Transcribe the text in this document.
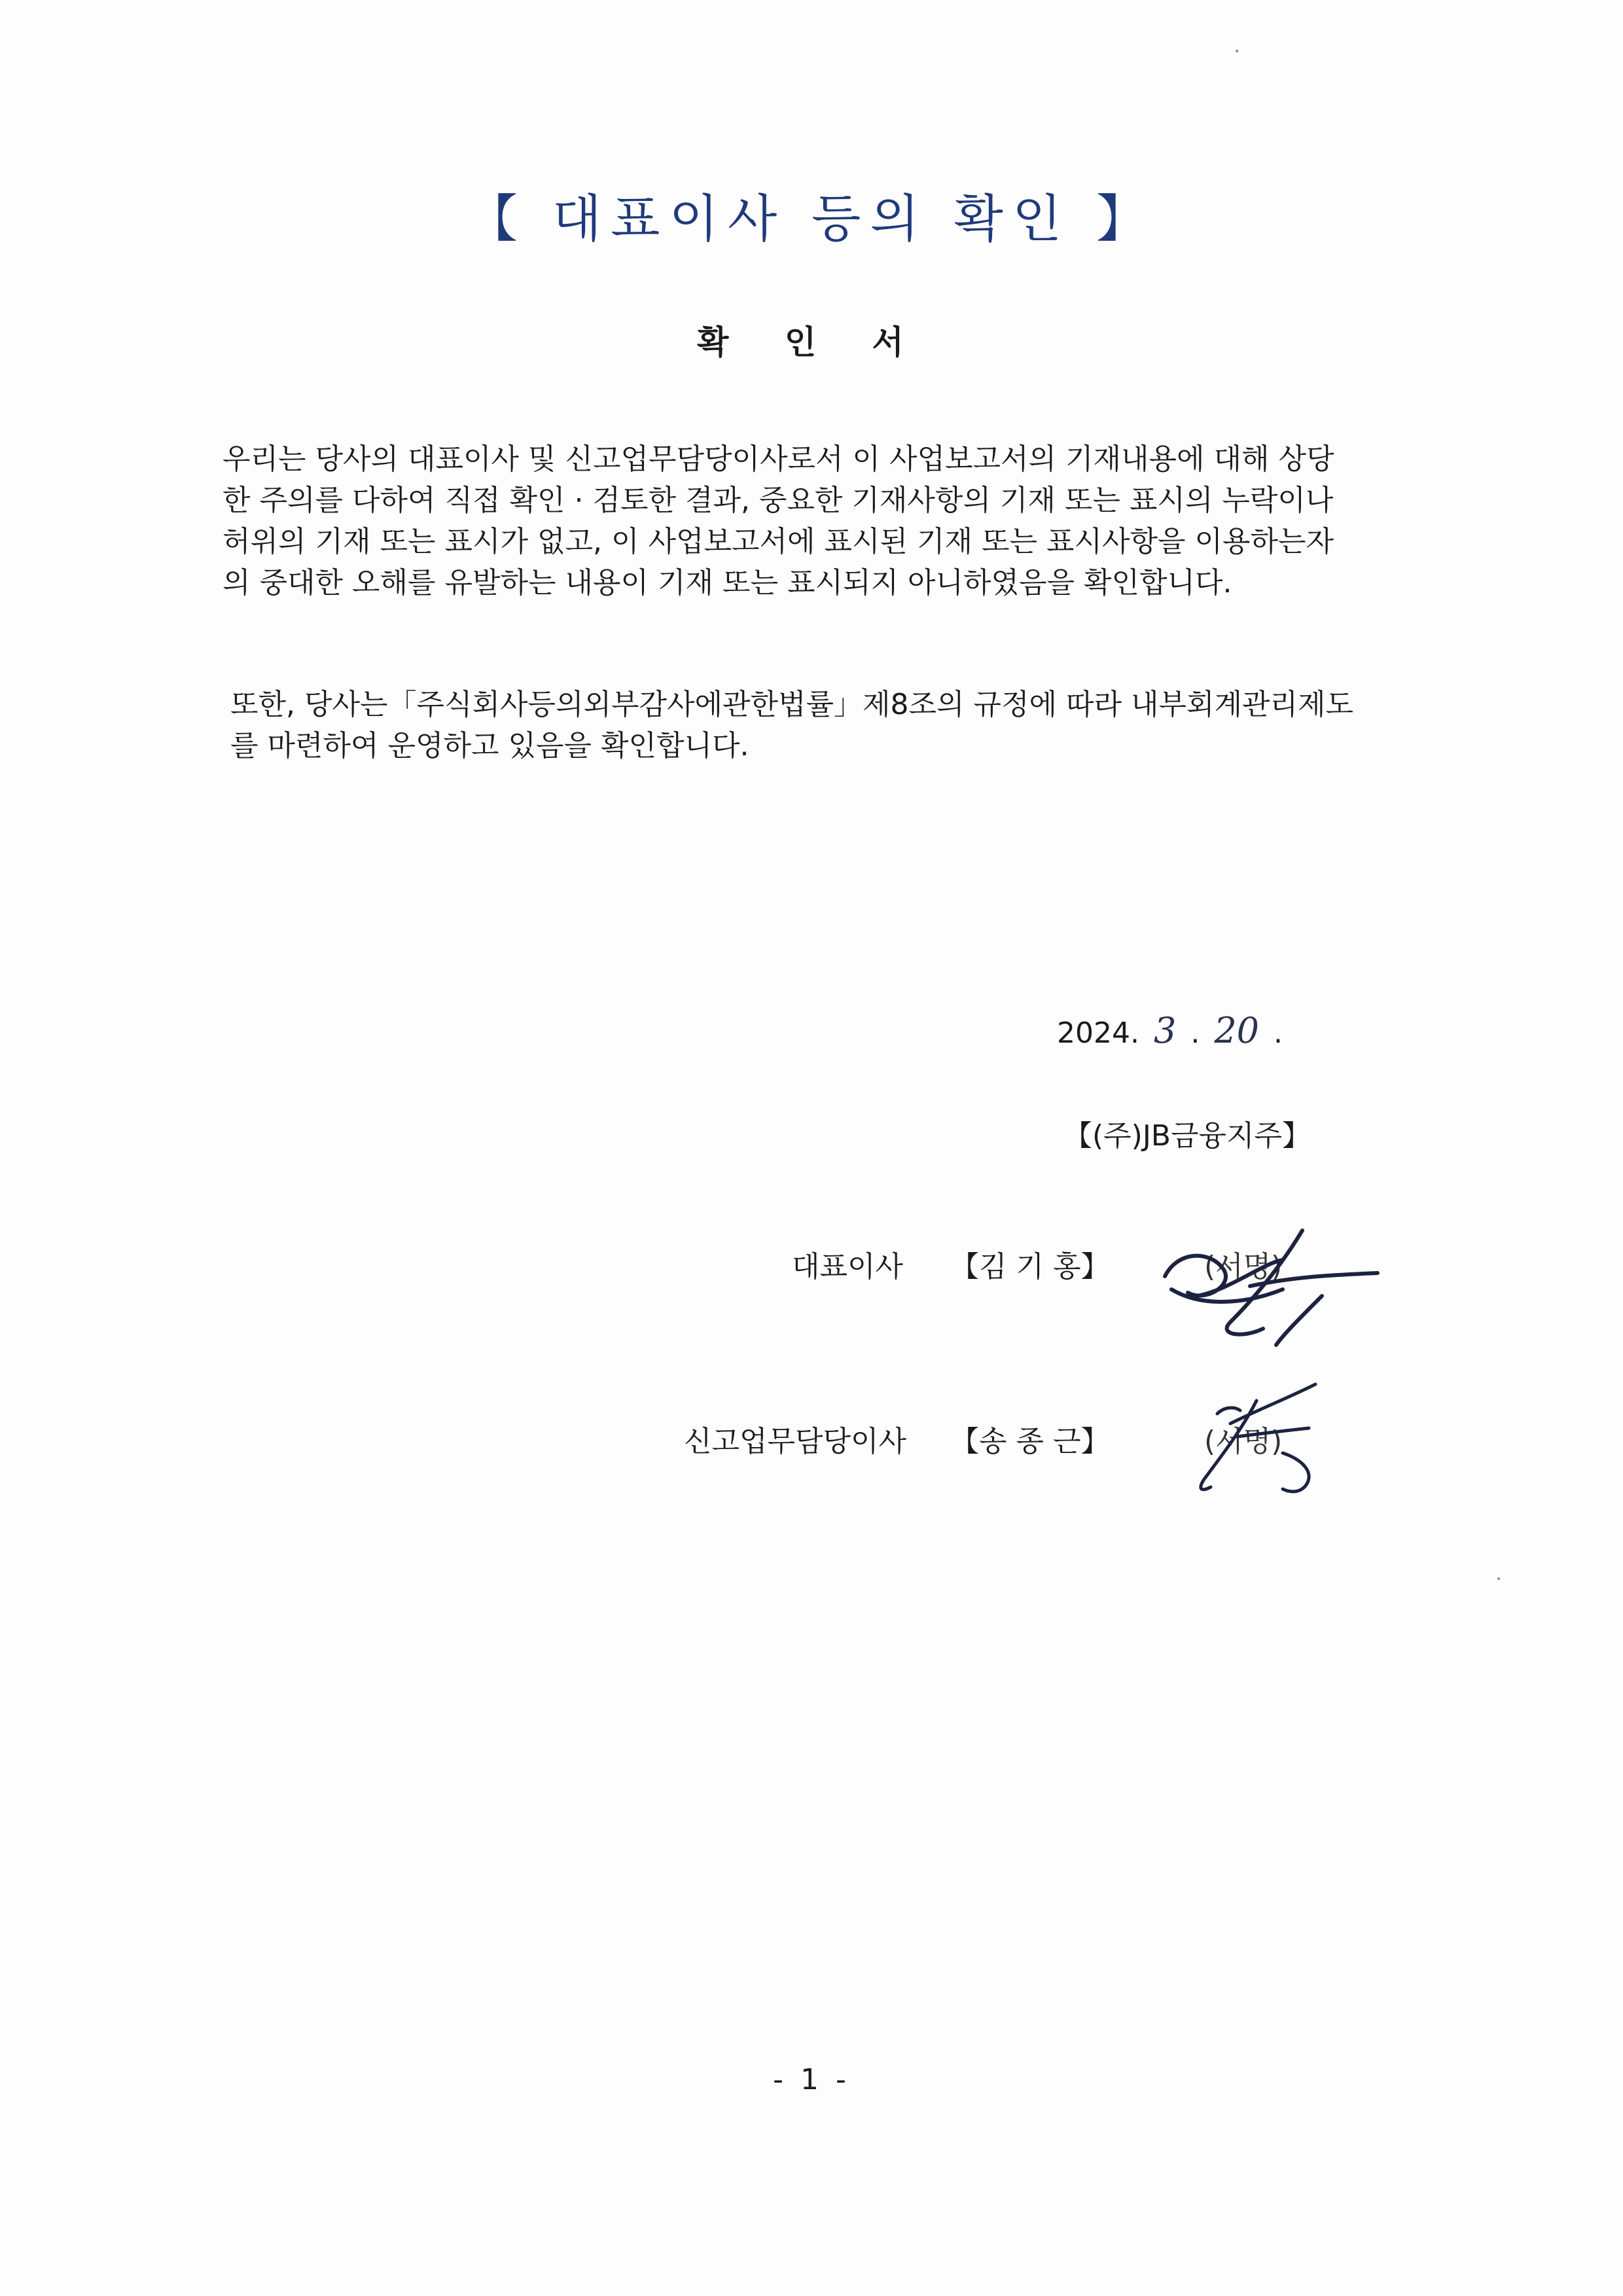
【 대표이사 등의 확인 】
확 인 서

우리는 당사의 대표이사 및 신고업무담당이사로서 이 사업보고서의 기재내용에 대해 상당
한 주의를 다하여 직접 확인 · 검토한 결과, 중요한 기재사항의 기재 또는 표시의 누락이나
허위의 기재 또는 표시가 없고, 이 사업보고서에 표시된 기재 또는 표시사항을 이용하는자
의 중대한 오해를 유발하는 내용이 기재 또는 표시되지 아니하였음을 확인합니다.

또한, 당사는「주식회사등의외부감사에관한법률」제8조의 규정에 따라 내부회계관리제도
를 마련하여 운영하고 있음을 확인합니다.

2024. 3 . 20 .
【(주)JB금융지주】
대표이사 【김 기 홍】	(서명)
신고업무담당이사 【송 종 근】	(서명)
- 1 -
